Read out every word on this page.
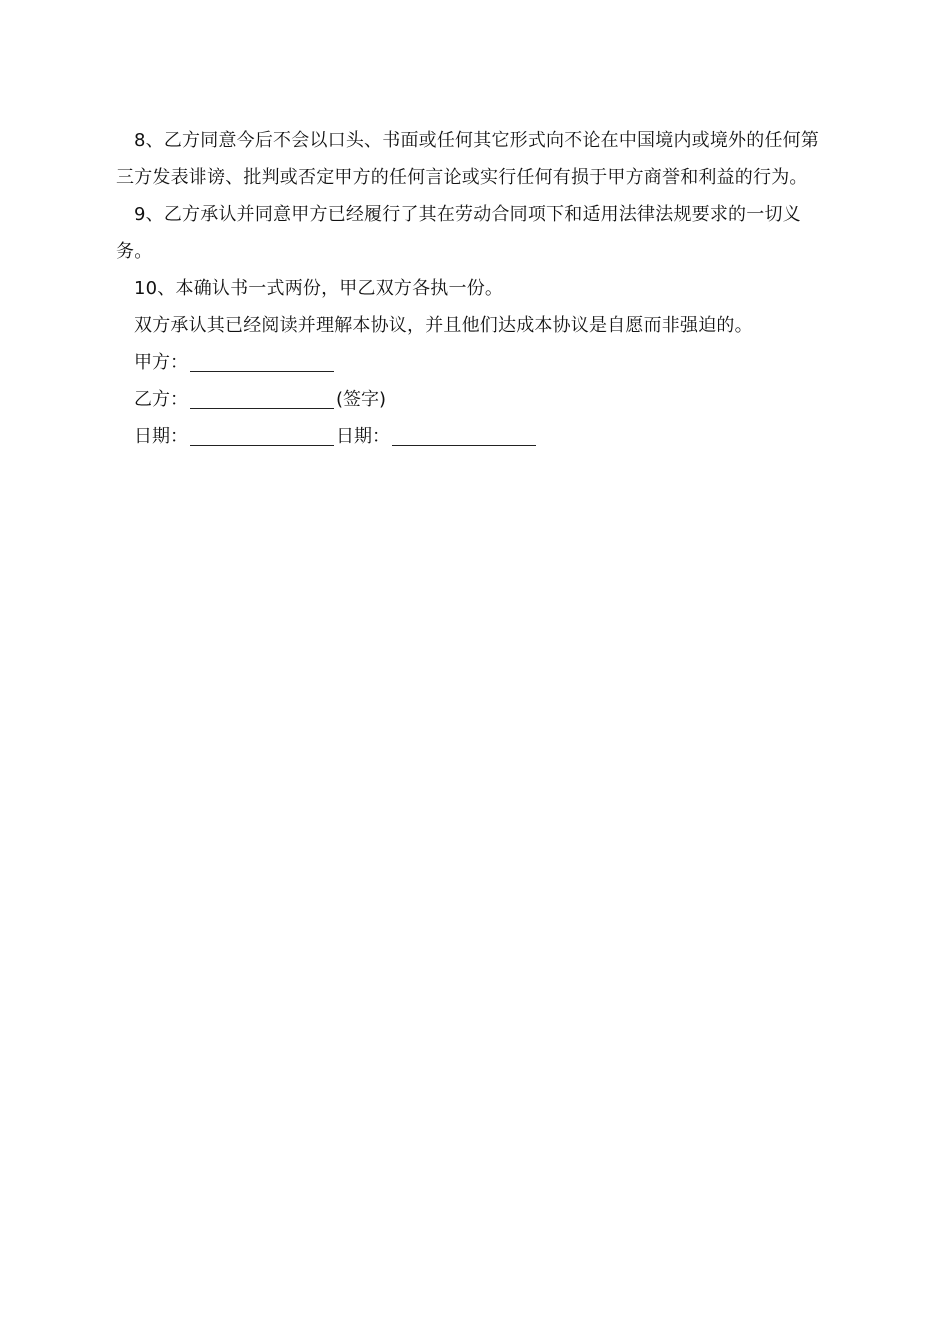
8、乙方同意今后不会以口头、书面或任何其它形式向不论在中国境内或境外的任何第三方发表诽谤、批判或否定甲方的任何言论或实行任何有损于甲方商誉和利益的行为。

9、乙方承认并同意甲方已经履行了其在劳动合同项下和适用法律法规要求的一切义务。

10、本确认书一式两份，甲乙双方各执一份。

双方承认其已经阅读并理解本协议，并且他们达成本协议是自愿而非强迫的。

甲方：

乙方：	(签字)

日期：	日期：
